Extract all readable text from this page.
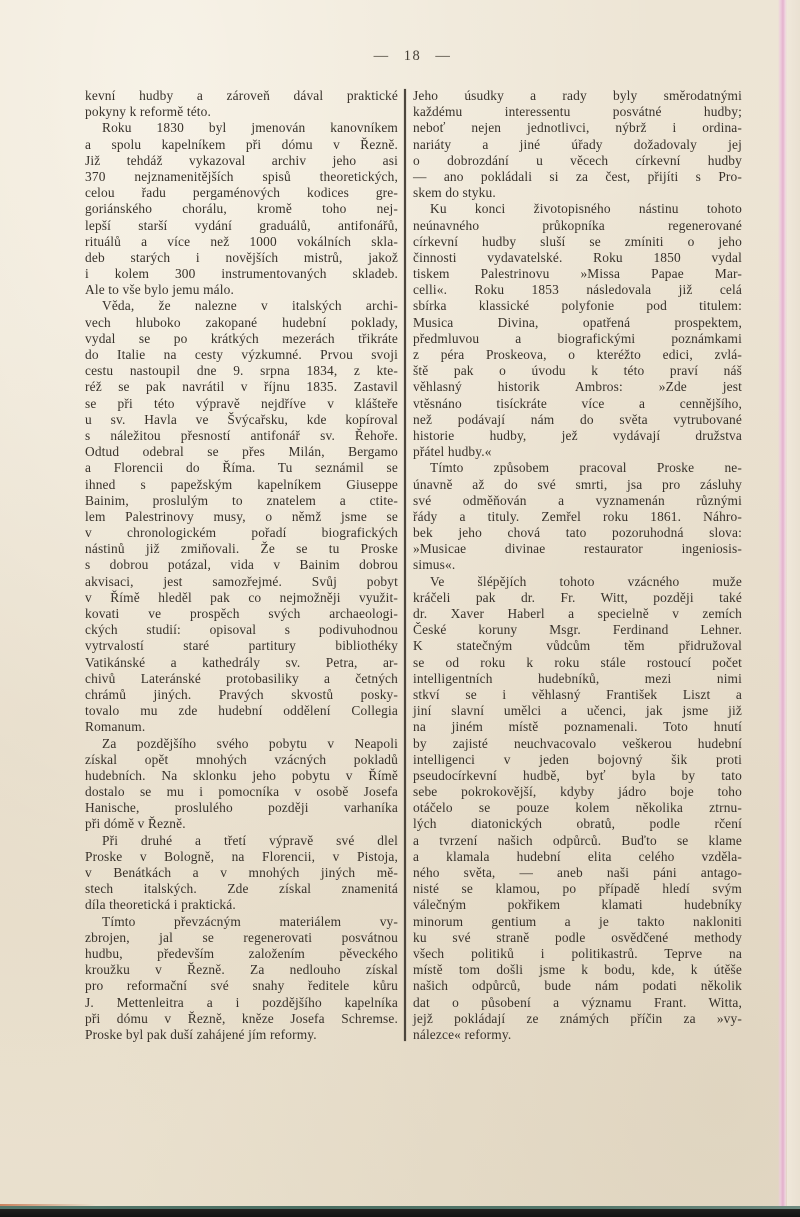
— 18 —
kevní hudby a zároveň dával praktické
pokyny k reformě této.
Roku 1830 byl jmenován kanovníkem
a spolu kapelníkem při dómu v Řezně.
Již tehdáž vykazoval archiv jeho asi
370 nejznamenitějších spisů theoretických,
celou řadu pergaménových kodices gre-
goriánského chorálu, kromě toho nej-
lepší starší vydání graduálů, antifonářů,
rituálů a více než 1000 vokálních skla-
deb starých i novějších mistrů, jakož
i kolem 300 instrumentovaných skladeb.
Ale to vše bylo jemu málo.
Věda, že nalezne v italských archi-
vech hluboko zakopané hudební poklady,
vydal se po krátkých mezerách třikráte
do Italie na cesty výzkumné. Prvou svoji
cestu nastoupil dne 9. srpna 1834, z kte-
réž se pak navrátil v říjnu 1835. Zastavil
se při této výpravě nejdříve v klášteře
u sv. Havla ve Švýcařsku, kde kopíroval
s náležitou přesností antifonář sv. Řehoře.
Odtud odebral se přes Milán, Bergamo
a Florencii do Říma. Tu seznámil se
ihned s papežským kapelníkem Giuseppe
Bainim, proslulým to znatelem a ctite-
lem Palestrinovy musy, o němž jsme se
v chronologickém pořadí biografických
nástinů již zmiňovali. Že se tu Proske
s dobrou potázal, vida v Bainim dobrou
akvisaci, jest samozřejmé. Svůj pobyt
v Římě hleděl pak co nejmožněji využit-
kovati ve prospěch svých archaeologi-
ckých studií: opisoval s podivuhodnou
vytrvalostí staré partitury bibliothéky
Vatikánské a kathedrály sv. Petra, ar-
chivů Lateránské protobasiliky a četných
chrámů jiných. Pravých skvostů posky-
tovalo mu zde hudební oddělení Collegia
Romanum.
Za pozdějšího svého pobytu v Neapoli
získal opět mnohých vzácných pokladů
hudebních. Na sklonku jeho pobytu v Římě
dostalo se mu i pomocníka v osobě Josefa
Hanische, proslulého později varhaníka
při dómě v Řezně.
Při druhé a třetí výpravě své dlel
Proske v Bologně, na Florencii, v Pistoja,
v Benátkách a v mnohých jiných mě-
stech italských. Zde získal znamenitá
díla theoretická i praktická.
Tímto převzácným materiálem vy-
zbrojen, jal se regenerovati posvátnou
hudbu, především založením pěveckého
kroužku v Řezně. Za nedlouho získal
pro reformační své snahy ředitele kůru
J. Mettenleitra a i pozdějšího kapelníka
při dómu v Řezně, kněze Josefa Schremse.
Proske byl pak duší zahájené jím reformy.
Jeho úsudky a rady byly směrodatnými
každému interessentu posvátné hudby;
neboť nejen jednotlivci, nýbrž i ordina-
nariáty a jiné úřady dožadovaly jej
o dobrozdání u věcech církevní hudby
— ano pokládali si za čest, přijíti s Pro-
skem do styku.
Ku konci životopisného nástinu tohoto
neúnavného průkopníka regenerované
církevní hudby sluší se zmíniti o jeho
činnosti vydavatelské. Roku 1850 vydal
tiskem Palestrinovu »Missa Papae Mar-
celli«. Roku 1853 následovala již celá
sbírka klassické polyfonie pod titulem:
Musica Divina, opatřená prospektem,
předmluvou a biografickými poznámkami
z péra Proskeova, o kteréžto edici, zvlá-
ště pak o úvodu k této praví náš
věhlasný historik Ambros: »Zde jest
vtěsnáno tisíckráte více a cennějšího,
než podávají nám do světa vytrubované
historie hudby, jež vydávají družstva
přátel hudby.«
Tímto způsobem pracoval Proske ne-
únavně až do své smrti, jsa pro zásluhy
své odměňován a vyznamenán různými
řády a tituly. Zemřel roku 1861. Náhro-
bek jeho chová tato pozoruhodná slova:
»Musicae divinae restaurator ingeniosis-
simus«.
Ve šlépějích tohoto vzácného muže
kráčeli pak dr. Fr. Witt, později také
dr. Xaver Haberl a specielně v zemích
České koruny Msgr. Ferdinand Lehner.
K statečným vůdcům těm přidružoval
se od roku k roku stále rostoucí počet
intelligentních hudebníků, mezi nimi
stkví se i věhlasný František Liszt a
jiní slavní umělci a učenci, jak jsme již
na jiném místě poznamenali. Toto hnutí
by zajisté neuchvacovalo veškerou hudební
intelligenci v jeden bojovný šik proti
pseudocírkevní hudbě, byť byla by tato
sebe pokrokovější, kdyby jádro boje toho
otáčelo se pouze kolem několika ztrnu-
lých diatonických obratů, podle rčení
a tvrzení našich odpůrců. Buďto se klame
a klamala hudební elita celého vzděla-
ného světa, — aneb naši páni antago-
nisté se klamou, po případě hledí svým
válečným pokřikem klamati hudebníky
minorum gentium a je takto nakloniti
ku své straně podle osvědčené methody
všech politiků i politikastrů. Teprve na
místě tom došli jsme k bodu, kde, k útěše
našich odpůrců, bude nám podati několik
dat o působení a významu Frant. Witta,
jejž pokládají ze známých příčin za »vy-
nálezce« reformy.
